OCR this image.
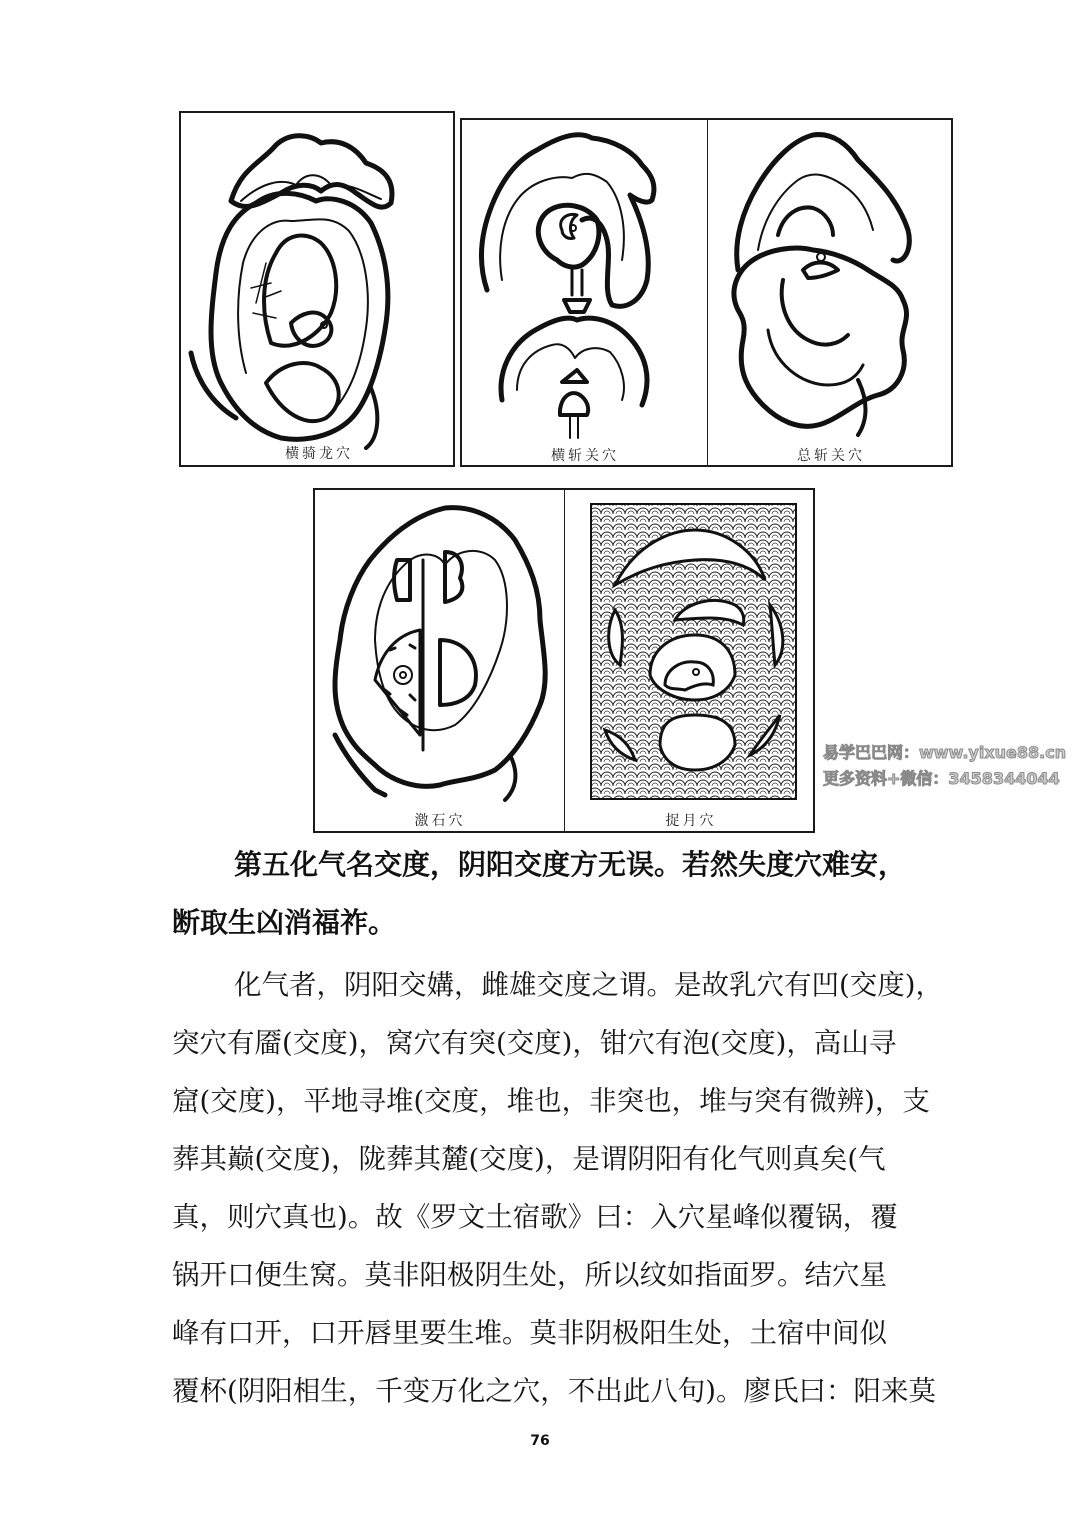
横骑龙穴	横斩关穴	总斩关穴
激石穴	捉月穴
易学巴巴网：www.yixue88.cn
更多资料+微信：3458344044
第五化气名交度，阴阳交度方无误。若然失度穴难安，
断取生凶消福祚。
化气者，阴阳交媾，雌雄交度之谓。是故乳穴有凹(交度)，
突穴有靥(交度)，窝穴有突(交度)，钳穴有泡(交度)，高山寻
窟(交度)，平地寻堆(交度，堆也，非突也，堆与突有微辨)，支
葬其巅(交度)，陇葬其麓(交度)，是谓阴阳有化气则真矣(气
真，则穴真也)。故《罗文土宿歌》曰：入穴星峰似覆锅，覆
锅开口便生窝。莫非阳极阴生处，所以纹如指面罗。结穴星
峰有口开，口开唇里要生堆。莫非阴极阳生处，土宿中间似
覆杯(阴阳相生，千变万化之穴，不出此八句)。廖氏曰：阳来莫
76
